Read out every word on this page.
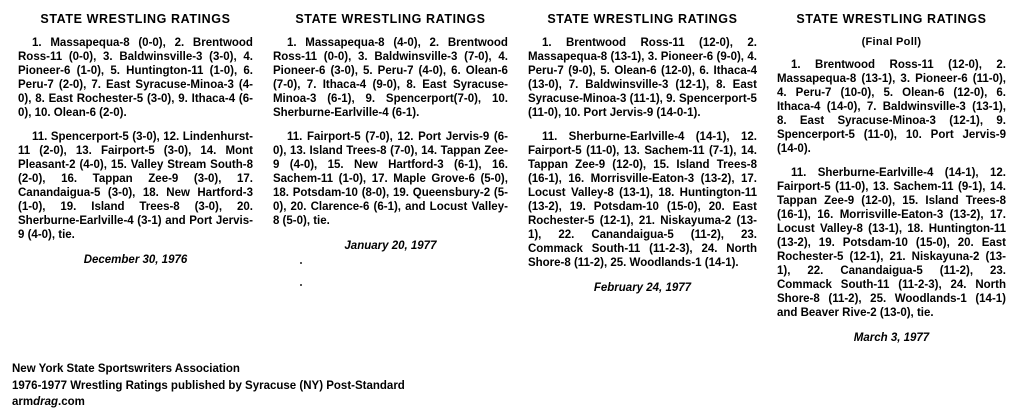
STATE WRESTLING RATINGS
1. Massapequa-8 (0-0), 2. Brentwood Ross-11 (0-0), 3. Baldwinsville-3 (3-0), 4. Pioneer-6 (1-0), 5. Huntington-11 (1-0), 6. Peru-7 (2-0), 7. East Syracuse-Minoa-3 (4-0), 8. East Rochester-5 (3-0), 9. Ithaca-4 (6-0), 10. Olean-6 (2-0).
11. Spencerport-5 (3-0), 12. Lindenhurst-11 (2-0), 13. Fairport-5 (3-0), 14. Mont Pleasant-2 (4-0), 15. Valley Stream South-8 (2-0), 16. Tappan Zee-9 (3-0), 17. Canandaigua-5 (3-0), 18. New Hartford-3 (1-0), 19. Island Trees-8 (3-0), 20. Sherburne-Earlville-4 (3-1) and Port Jervis-9 (4-0), tie.
December 30, 1976
STATE WRESTLING RATINGS
1. Massapequa-8 (4-0), 2. Brentwood Ross-11 (0-0), 3. Baldwinsville-3 (7-0), 4. Pioneer-6 (3-0), 5. Peru-7 (4-0), 6. Olean-6 (7-0), 7. Ithaca-4 (9-0), 8. East Syracuse-Minoa-3 (6-1), 9. Spencerport(7-0), 10. Sherburne-Earlville-4 (6-1).
11. Fairport-5 (7-0), 12. Port Jervis-9 (6-0), 13. Island Trees-8 (7-0), 14. Tappan Zee-9 (4-0), 15. New Hartford-3 (6-1), 16. Sachem-11 (1-0), 17. Maple Grove-6 (5-0), 18. Potsdam-10 (8-0), 19. Queensbury-2 (5-0), 20. Clarence-6 (6-1), and Locust Valley-8 (5-0), tie.
January 20, 1977
STATE WRESTLING RATINGS
1. Brentwood Ross-11 (12-0), 2. Massapequa-8 (13-1), 3. Pioneer-6 (9-0), 4. Peru-7 (9-0), 5. Olean-6 (12-0), 6. Ithaca-4 (13-0), 7. Baldwinsville-3 (12-1), 8. East Syracuse-Minoa-3 (11-1), 9. Spencerport-5 (11-0), 10. Port Jervis-9 (14-0-1).
11. Sherburne-Earlville-4 (14-1), 12. Fairport-5 (11-0), 13. Sachem-11 (7-1), 14. Tappan Zee-9 (12-0), 15. Island Trees-8 (16-1), 16. Morrisville-Eaton-3 (13-2), 17. Locust Valley-8 (13-1), 18. Huntington-11 (13-2), 19. Potsdam-10 (15-0), 20. East Rochester-5 (12-1), 21. Niskayuma-2 (13-1), 22. Canandaigua-5 (11-2), 23. Commack South-11 (11-2-3), 24. North Shore-8 (11-2), 25. Woodlands-1 (14-1).
February 24, 1977
STATE WRESTLING RATINGS
(Final Poll)
1. Brentwood Ross-11 (12-0), 2. Massapequa-8 (13-1), 3. Pioneer-6 (11-0), 4. Peru-7 (10-0), 5. Olean-6 (12-0), 6. Ithaca-4 (14-0), 7. Baldwinsville-3 (13-1), 8. East Syracuse-Minoa-3 (12-1), 9. Spencerport-5 (11-0), 10. Port Jervis-9 (14-0).
11. Sherburne-Earlville-4 (14-1), 12. Fairport-5 (11-0), 13. Sachem-11 (9-1), 14. Tappan Zee-9 (12-0), 15. Island Trees-8 (16-1), 16. Morrisville-Eaton-3 (13-2), 17. Locust Valley-8 (13-1), 18. Huntington-11 (13-2), 19. Potsdam-10 (15-0), 20. East Rochester-5 (12-1), 21. Niskayuna-2 (13-1), 22. Canandaigua-5 (11-2), 23. Commack South-11 (11-2-3), 24. North Shore-8 (11-2), 25. Woodlands-1 (14-1) and Beaver Rive-2 (13-0), tie.
March 3, 1977
New York State Sportswriters Association
1976-1977 Wrestling Ratings published by Syracuse (NY) Post-Standard
armdrag.com
